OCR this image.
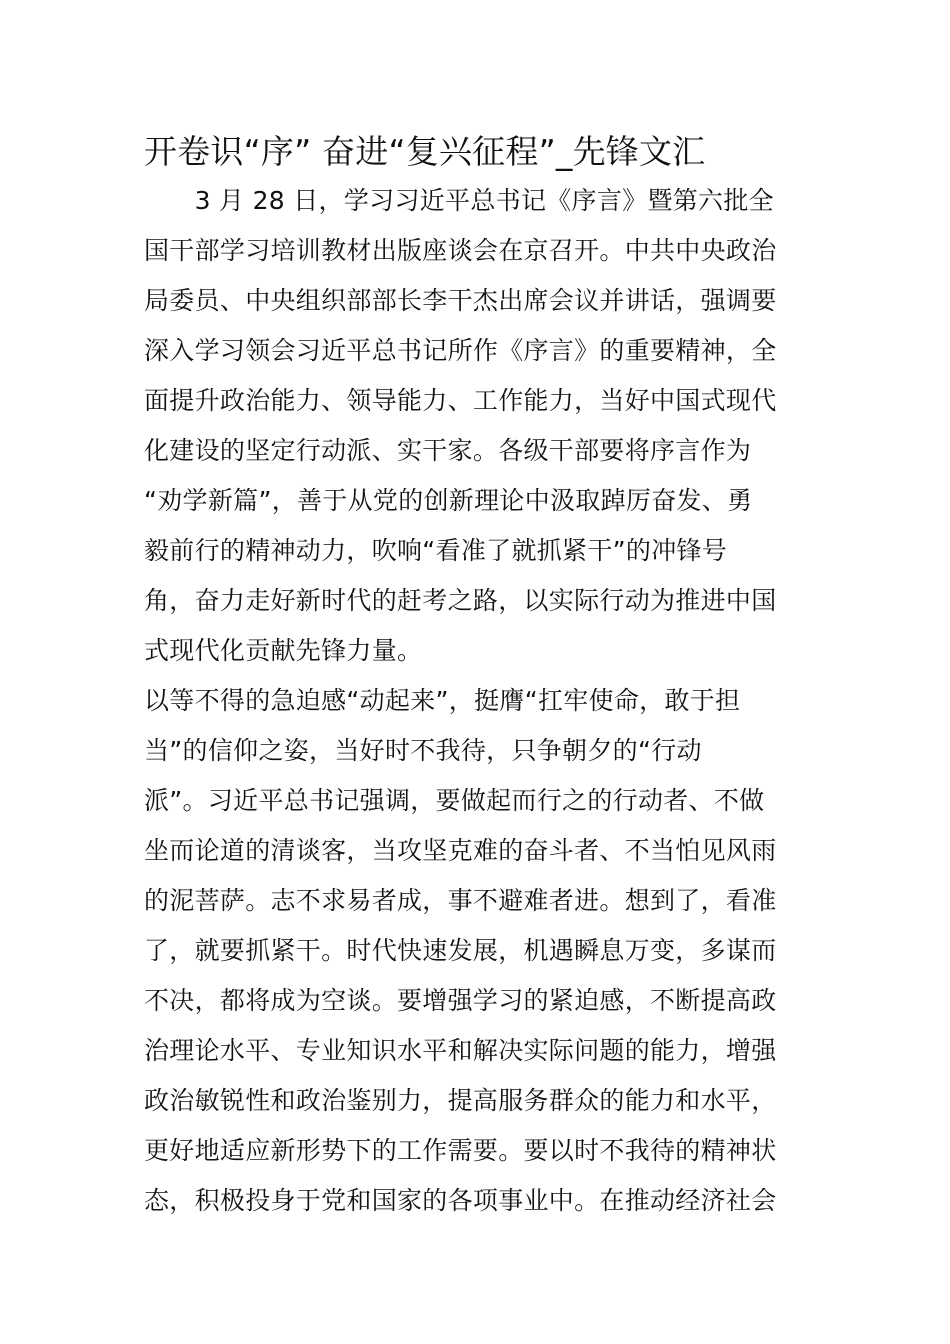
开卷识“序” 奋进“复兴征程”_先锋文汇
　　3 月 28 日，学习习近平总书记《序言》暨第六批全
国干部学习培训教材出版座谈会在京召开。中共中央政治
局委员、中央组织部部长李干杰出席会议并讲话，强调要
深入学习领会习近平总书记所作《序言》的重要精神，全
面提升政治能力、领导能力、工作能力，当好中国式现代
化建设的坚定行动派、实干家。各级干部要将序言作为
“劝学新篇”，善于从党的创新理论中汲取踔厉奋发、勇
毅前行的精神动力，吹响“看准了就抓紧干”的冲锋号
角，奋力走好新时代的赶考之路，以实际行动为推进中国
式现代化贡献先锋力量。
以等不得的急迫感“动起来”，挺膺“扛牢使命，敢于担
当”的信仰之姿，当好时不我待，只争朝夕的“行动
派”。习近平总书记强调，要做起而行之的行动者、不做
坐而论道的清谈客，当攻坚克难的奋斗者、不当怕见风雨
的泥菩萨。志不求易者成，事不避难者进。想到了，看准
了，就要抓紧干。时代快速发展，机遇瞬息万变，多谋而
不决，都将成为空谈。要增强学习的紧迫感，不断提高政
治理论水平、专业知识水平和解决实际问题的能力，增强
政治敏锐性和政治鉴别力，提高服务群众的能力和水平，
更好地适应新形势下的工作需要。要以时不我待的精神状
态，积极投身于党和国家的各项事业中。在推动经济社会
